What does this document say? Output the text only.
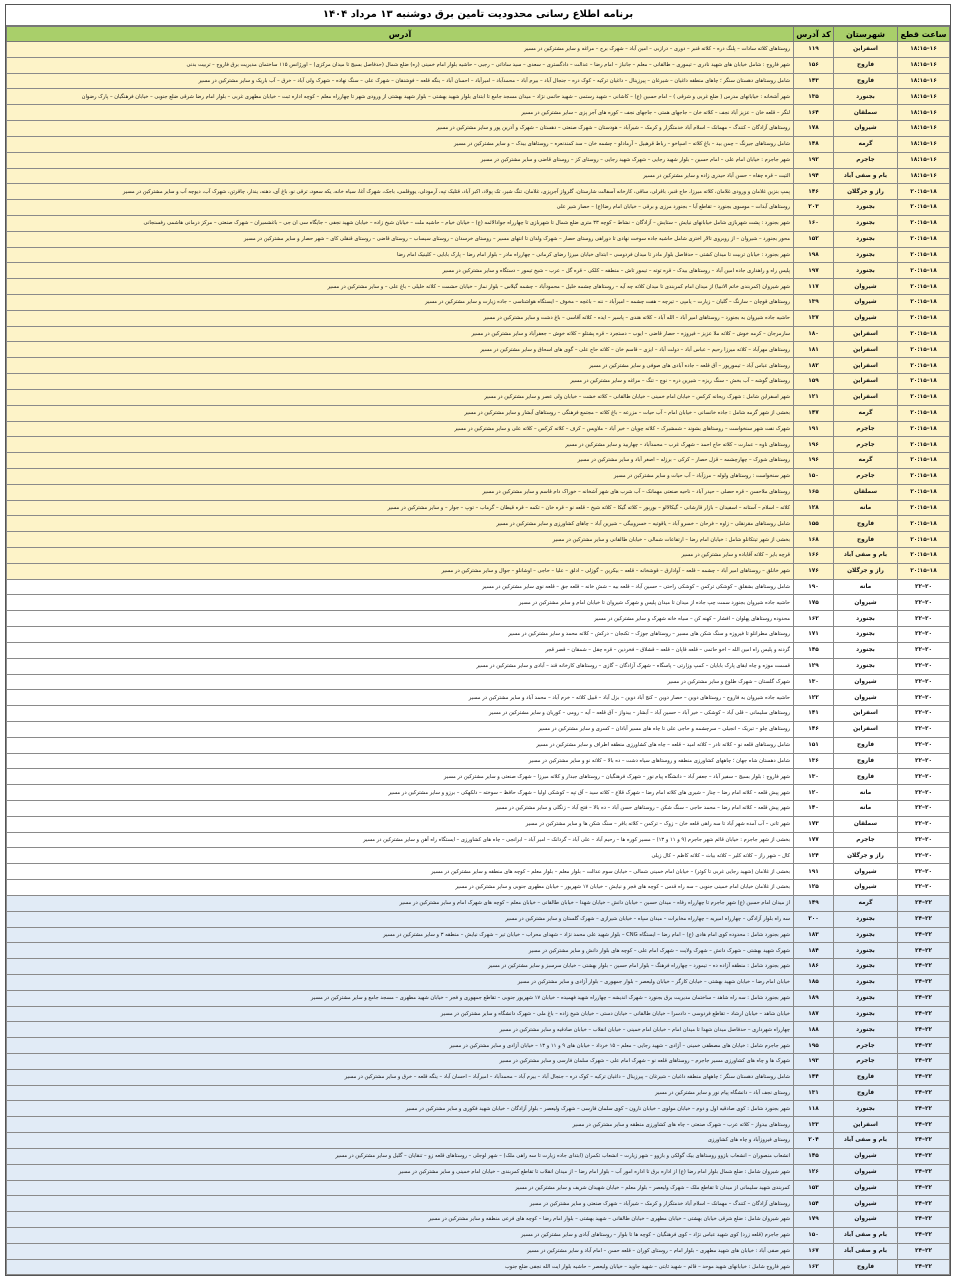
برنامه اطلاع رسانی محدودیت تامین برق دوشنبه ۱۳ مرداد ۱۴۰۴
ساعت قطع	شهرستان	کد آدرس	آدرس
۱۶–۱۸:۱۵	اسفراین	۱۱۹	روستاهای کلاته سادات – پلنگ دره – کلاته قنبر – دوری – درازبی – امین آباد – شهرک برج – مراغه و سایر مشترکین در مسیر
۱۶–۱۸:۱۵	فاروج	۱۵۶	شهر فاروج : شامل خیابان های شهید نادری – تیموری – طالقانی – معلم – جانباز – امام رضا – عدالت – دادگستری – سعدی – سید ساداتی – رجبی – حاشیه بلوار امام خمینی (ره) ضلع شمال (حدفاصل بسیج تا میدان مرکزی) – اورژانس ۱۱۵ ساختمان مدیریت برق فاروج – تربیت بدنی
۱۶–۱۸:۱۵	فاروج	۱۴۳	شامل روستاهای دهستان سنگر ؛ چاهای منطقه داغیان – شیرغان – پیرزینال – داغیان ترکیه – کوک دره – جنجال آباد – بیرم آباد – محمدآباد – امیرآباد – احسان آباد – ینگه قلعه – فوشنقان – شهرک علی – سنگ نهاده – شهرک ولی آباد – خرق – آب باریک و سایر مشترکین در مسیر
۱۶–۱۸:۱۵	بجنورد	۱۳۵	شهر آشخانه : خیابانهای مدرس ( ضلع غربی و شرقی ) – امام حسین (ع) – کاشانی – شهید رستمی – شهید حاتمی نژاد – میدان مسجد جامع تا ابتدای بلوار شهید بهشتی – بلوار شهید بهشتی از ورودی شهر تا چهارراه معلم – کوچه اداره ثبت – خیابان مطهری غربی – بلوار امام رضا شرقی ضلع جنوبی – خیابان فرهنگیان – پارک رضوان
۱۶–۱۸:۱۵	سملقان	۱۶۴	لنگر – قلعه خان – عزیز آباد نجف – کلاته خان – جاجهای همتی – جاجهای نجف – کوره های آجر پزی – سایر مشترکین در مسیر
۱۶–۱۸:۱۵	شیروان	۱۷۸	روستاهای آزادگان – کنندگ – مهمانک – اسلام آباد خدمتگزار و کرمک – شیرآباد – هودستان – شهرک صنعتی – دهستان – شهرک و آذرین پور و سایر مشترکین در مسیر
۱۶–۱۸:۱۵	گرمه	۱۴۸	شامل روستاهای جیرنگ – چمن بید – باغ کلاته – اسپاخو – رباط قرهبیل – آرمادلو – چشمه خان – سد کمندنعره – روستاهای بیدک – و سایر مشترکین در مسیر
۱۶–۱۸:۱۵	جاجرم	۱۹۲	شهر جاجرم : خیابان امام علی – امام حسین – بلوار شهید رجایی – شهرک شهید رجایی – روستای کز – روستای قاضی و سایر مشترکین در مسیر
۱۶–۱۸:۱۵	بام و صفی آباد	۱۹۴	التیت – قره چقاه – حسن آباد حیدری زاده و سایر مشترکین در مسیر
۱۸–۲۰:۱۵	راز و جرگلان	۱۴۶	پمپ بنزین غلامان و ورودی غلامان، کلاته میرزا، حاج قنبر، باقرلی، ساقی، کارخانه آسفالت شارستان، گلرواز آجرپزی، غلامان، تنگ شیر، تک پولاد، اکبر آباد، قتلیک تپه، آرمودلی، یووقلمی، باجک، شهرک آغا، سیاه خانه، یکه سعود، ترقی نو، باغ آی، دهنه، یندار، چاقرتن، شهرک آب، دیوچه آب و سایر مشترکین در مسیر
۱۸–۲۰:۱۵	بجنورد	۲۰۳	روستاهای آبدات – موسوی بجنورد – تقاطع آبا – بجنورد مرزی و برقی – خیابان امام رضا(ع) – حصار شیر علی
۱۸–۲۰:۱۵	بجنورد	۱۶۰	شهر بجنورد : پشت شهربازی شامل خیابانهای نیایش – ستایش – آزادگان – نشاط – کوچه ۳۳ متری ضلع شمال تا شهربازی تا چهارراه جوادالائمه (ع) – خیابان خیام – حاشیه ملت – خیابان شیخ زاده – خیابان شهید نجفی – جایگاه سی ان جی – باغشمیران – شهرک صنعتی – مرکز درمانی هاشمی رفسنجانی
۱۸–۲۰:۱۵	بجنورد	۱۵۲	محور بجنورد – شیروان – از روبروی تالار اختری شامل حاشیه جاده سوخت نهادی تا دوراهی روستای حصار – شهرک ولدان تا انتهای مسیر – روستای خرسدان – روستای سیساب – روستای قاضی – روستای قنقلی کای – شهر حصار و سایر مشترکین در مسیر
۱۸–۲۰:۱۵	بجنورد	۱۹۸	شهر بجنورد : خیابان تربیت تا میدان کشتی – حدفاصل بلوار مادر تا میدان فردوسی – ابتدای خیابان میرزا رضای کرمانی – چهارراه مادر – بلوار امام رضا – پارک بابایی – کلینیک امام رضا
۱۸–۲۰:۱۵	بجنورد	۱۹۷	پلیس راه و راهداری جاده امین آباد – روستاهای بیدک – قره توته – تیمور تاش – منطقه – کلکی – قره گل – عرب – شیخ تیمور – دستگاه و سایر مشترکین در مسیر
۱۸–۲۰:۱۵	شیروان	۱۱۷	شهر شیروان (کمربندی خاتم الانبیا) از میدان امام کمربندی تا میدان کلاته چه آیه – روستاهای چشمه خلیل – محمودآباد – چشمه گیلاس – بلوار نماز – خیابان حشمت – کلاته خلیلی – باغ علی – و سایر مشترکین در مسیر
۱۸–۲۰:۱۵	شیروان	۱۳۹	روستاهای قوچان – سارنگ – گلیان – زیارت – یامپی – تیرچه – هفت چشمه – امیرآباد – ننه – باغچه – مخوف – ایستگاه هواشناسی – جاده زیارت و سایر مشترکین در مسیر
۱۸–۲۰:۱۵	شیروان	۱۳۷	حاشیه جاده شیروان به بجنورد – روستاهای امیر آباد – الله آباد – کلاته هندی – پاسیر – ایده – کلاته آقاسی – باغ دشت و سایر مشترکین در مسیر
۱۸–۲۰:۱۵	اسفراین	۱۸۰	سارمرجان – کرمه خوش – کلاته ملا عزیز – فیروزه – حصار قاضی – ایوب – دستجرد – قره پشتلو – کلاته خوش – جعفرآباد و سایر مشترکین در مسیر
۱۸–۲۰:۱۵	اسفراین	۱۸۱	روستاهای مهرآباد – کلاته میرزا رحیم – عباس آباد – دولت آباد – ایزی – قاسم خان – کلاته حاج علی – گوی های اسحاق و سایر مشترکین در مسیر
۱۸–۲۰:۱۵	اسفراین	۱۸۲	روستاهای عباس آباد – تیمورپور – آق قلعه – جاده آبادی های صوفی و سایر مشترکین در مسیر
۱۸–۲۰:۱۵	اسفراین	۱۵۹	روستاهای گوشه – آب بخش – سنگ ریزه – شیرین دره – نوچ – تنگ – مراغه و سایر مشترکین در مسیر
۱۸–۲۰:۱۵	اسفراین	۱۲۱	شهر اسفراین شامل : شهرک ریحانه کرکس – خیابان امام خمینی – خیابان طالقانی – کلاته خشت – خیابان ولی عصر و سایر مشترکین در مسیر
۱۸–۲۰:۱۵	گرمه	۱۴۷	بخشی از شهر گرمه شامل : جاده خانسانی – خیابان امام – آب حیات – مزرعه – باغ کلاته – مجتمع فرهنگی – روستاهای آبشار و سایر مشترکین در مسیر
۱۸–۲۰:۱۵	جاجرم	۱۹۱	شهرک نفت شهر سنخواست – روستاهای بشوند – شمشیرک – کلاته چوپان – خیر آباد – ملاویس – کرف – کلاته کرکس – کلاته علی و سایر مشترکین در مسیر
۱۸–۲۰:۱۵	جاجرم	۱۹۶	روستاهای ناوه – عمارت – کلاته حاج احمد – شهرک غرب – محمدآباد – چهاربید و سایر مشترکین در مسیر
۱۸–۲۰:۱۵	گرمه	۱۹۶	روستاهای شورک – چهارچشمه – قزل حصار – کرکی – برزله – اصغر آباد و سایر مشترکین در مسیر
۱۸–۲۰:۱۵	جاجرم	۱۵۰	شهر سنخواست : روستاهای ولوله – مرزآباد – آب حیات و سایر مشترکین در مسیر
۱۸–۲۰:۱۵	سملقان	۱۶۵	روستاهای ملاحسن – قره حصلی – حیدر آباد – ناحیه صنعتی مهمانک – آب شرب های شهر آشخانه – خوراک دام قاسم و سایر مشترکین در مسیر
۱۸–۲۰:۱۵	مانه	۱۲۸	کلاته – اسلام – آستانه – اسفیدان – بازار قارشانی – گیکالالو – بوربور – کلاته گیکا – کلاته شیخ – قلعه نو – قره خان – تکمه – قره قیطان – گرماب – توپ – جوار – و سایر مشترکین در مسیر
۱۸–۲۰:۱۵	فاروج	۱۵۵	شامل روستاهای مقرنقلی – زاوه – فرحان – خسرو آباد – یاقوتیه – خسروبیگی – شیرین آباد – چاهای کشاورزی و سایر مشترکین در مسیر
۱۸–۲۰:۱۵	فاروج	۱۶۸	بخشی از شهر تیتکانلو شامل : خیابان امام رضا – ارتفاعات شمالی – خیابان طالقانی و سایر مشترکین در مسیر
۱۸–۲۰:۱۵	بام و صفی آباد	۱۶۶	قرچه بایر – کلاته آقاباده و سایر مشترکین در مسیر
۱۸–۲۰:۱۵	راز و جرگلان	۱۷۶	شهر خانلق – روستاهای امیر آباد – چشمه – قلعه – آوادارق – قوشخانه – قلعه – بیکرین – گوزلی – ادلق – علیا – حاجی – اوشانلو – جوال و سایر مشترکین در مسیر
۲۰–۲۲	مانه	۱۹۰	شامل روستاهای بشقلق – کوشکی ترکمن – کوشکی راحتی – حسین آباد – قلعه بیه – شش خانه – قلعه جق – قلعه نوی سایر مشترکین در مسیر
۲۰–۲۲	شیروان	۱۷۵	حاشیه جاده شیروان بجنورد سمت چپ جاده از میدان تا میدان پلیس و شهرک شیروان تا خیابان امام و سایر مشترکین در مسیر
۲۰–۲۲	بجنورد	۱۶۲	محدوده روستاهای پهلوان – افشار – کهنه کن – سیاه خانه شهرک و سایر مشترکین در مسیر
۲۰–۲۲	بجنورد	۱۷۱	روستاهای مطرانلو تا فیروزه و سنگ شکن های مسیر – روستاهای جوزک – تکنجان – درکش – کلاته محمد و سایر مشترکین در مسیر
۲۰–۲۲	بجنورد	۱۴۵	گردنه و پلیس راه امین الله – اخو حاتمی – قلعه قاپان – قلعه – قشلاق – فخردین – قره چقل – شمقان – قصر قجر
۲۰–۲۲	بجنورد	۱۲۹	قسمت موزه و چاه ابقای پارک بابایان – کمپ وزارتی – پاسگاه – شهرک آزادگان – گازی – روستاهای کارخانه قند – آبادی و سایر مشترکین در مسیر
۲۰–۲۲	شیروان	۱۳۰	شهرک گلستان – شهرک طلوع و سایر مشترکین در مسیر
۲۰–۲۲	شیروان	۱۲۲	حاشیه جاده شیروان به فاروج – روستاهای دوین – حصار دوین – کنج آباد دوین – بزل آباد – قبیل کلاته – خرم آباد – محمد آباد و سایر مشترکین در مسیر
۲۰–۲۲	اسفراین	۱۴۱	روستاهای سلیمانی – قلی آباد – کوشکی – خیر آباد – حسین آباد – آبشار – بیدواز – آق قلعه – آیه – رومی – کوریان و سایر مشترکین در مسیر
۲۰–۲۲	اسفراین	۱۴۶	روستاهای چلو – تبریک – انجیلی – سرچشمه و حاجی علی تا چاه های مسیر آبادان – کسری و سایر مشترکین در مسیر
۲۰–۲۲	فاروج	۱۵۱	شامل روستاهای قلعه نو – کلاته نادر – کلاته امید – قلعه – چاه های کشاورزی منطقه اطراف و سایر مشترکین در مسیر
۲۰–۲۲	فاروج	۱۳۶	شامل دهستان شاه جهان ؛ چاههای کشاورزی منطقه و روستاهای سیاه دشت – ده بالا – کلاته نو و سایر مشترکین در مسیر
۲۰–۲۲	فاروج	۱۳۰	شهر فاروج : بلوار بسیج – سفیر آباد – جعفر آباد – دانشگاه پیام نور – شهرک فرهنگیان – روستاهای جبدار و کلاته میرزا – شهرک صنعتی و سایر مشترکین در مسیر
۲۰–۲۲	مانه	۱۲۰	شهر پیش قلعه – کلاته امام رضا – چنار – شیری های کلاته امام رضا – شهرک قلاع – کلاته سید – آق تپه – کوشکی اولیا – شهرک حافظ – سوخته – دلکهکی – برزو و سایر مشترکین در مسیر
۲۰–۲۲	مانه	۱۴۰	شهر پیش قلعه – کلاته امام رضا – محمد حاجی – سنگ شکن – روستاهای حسن آباد – ده بالا – فتح آباد – زنگلی و سایر مشترکین در مسیر
۲۰–۲۲	سملقان	۱۷۳	شهر ثانی – آب آمده شهر آباد تا سه راهی قلعه خان – زوک – ترکمن – کلاته باقر – سنگ شکن ها و سایر مشترکین در مسیر
۲۰–۲۲	جاجرم	۱۷۷	بخشی از شهر جاجرم : خیابان قائم شهر جاجرم (۹ و ۱۱ و ۱۳) – مسیر کوره ها – رحیم آباد – علی آباد – گردانک – امیر آباد – ابرانجی – چاه های کشاورزی – ایستگاه راه آهن و سایر مشترکین در مسیر
۲۰–۲۲	راز و جرگلان	۱۲۴	کال – شهر راز – کلاته کلیر – کلاته بیاث – کلاته کاظم – کال زیلی
۲۰–۲۲	شیروان	۱۹۱	بخشی از غلامان (شهید رجایی غربی تا کوثر) – خیابان امام خمینی شمالی – خیابان سوم عدالت – بلوار معلم – بلوار معلم – کوچه های منطقه و سایر مشترکین در مسیر
۲۰–۲۲	شیروان	۱۲۵	بخشی از غلامان خیابان امام خمینی جنوبی – سه راه قدس – کوچه های فجر و نیایش – خیابان ۱۷ شهریور – خیابان مطهری جنوبی و سایر مشترکین در مسیر
۲۲–۲۴	گرمه	۱۴۹	از میدان امام حسین (ع) شهر جاجرم تا چهارراه رفاه – میدان حسین – خیابان دانش – خیابان شهدا – خیابان طالقانی – خیابان معلم – کوچه های شهرک امام و سایر مشترکین در مسیر
۲۲–۲۴	بجنورد	۲۰۰	سه راه بلوار آزادگی – چهارراه امیریه – چهارراه مخابرات – میدان سپاه – خیابان شیرازی – شهرک گلستان و سایر مشترکین در مسیر
۲۲–۲۴	بجنورد	۱۸۳	شهر بجنورد شامل : محدوده کوی امام هادی (ع) – امام رضا – ایستگاه CNG – بلوار شهید علی محمد نژاد – شهدای محراب – خیابان تیر – شهرک نیایش – منطقه ۳ و سایر مشترکین در مسیر
۲۲–۲۴	بجنورد	۱۸۴	شهرک شهید بهشتی – شهرک دانش – شهرک ولایت – شهرک امام علی – کوچه های بلوار دانش و سایر مشترکین در مسیر
۲۲–۲۴	بجنورد	۱۸۶	شهر بجنورد شامل : منطقه آزاده ده – تیمورد – چهارراه فرهنگ – بلوار امام حسین – بلوار بهشتی – خیابان سرسبز و سایر مشترکین در مسیر
۲۲–۲۴	بجنورد	۱۸۵	خیابان امام رضا – خیابان شهید بهشتی – خیابان کارگر – خیابان ولیعصر – بلوار جمهوری – بلوار آزادی و سایر مشترکین در مسیر
۲۲–۲۴	بجنورد	۱۸۹	شهر بجنورد شامل : سه راه شاهد – ساختمان مدیریت برق بجنورد – شهرک اندیشه – چهارراه شهید فهمیده – خیابان ۱۷ شهریور جنوبی – تقاطع جمهوری و فجر – خیابان شهید مطهری – مسجد جامع و سایر مشترکین در مسیر
۲۲–۲۴	بجنورد	۱۸۷	خیابان شاهد – خیابان ارشاد – تقاطع فردوسی – دادسرا – خیابان طالقانی – خیابان دستی – خیابان شیخ زاده – باغ ملی – شهرک دانشگاه و سایر مشترکین در مسیر
۲۲–۲۴	بجنورد	۱۸۸	چهارراه شهرداری – حدفاصل میدان شهدا تا میدان امام – خیابان امام خمینی – خیابان انقلاب – خیابان صادقیه و سایر مشترکین در مسیر
۲۲–۲۴	جاجرم	۱۹۵	شهر جاجرم شامل : خیابان های مصطفی خمینی – آزادی – شهید رجایی – معلم – ۱۵ خرداد – خیابان های ۹ و ۱۱ و ۱۳ – خیابان آزادی و سایر مشترکین در مسیر
۲۲–۲۴	جاجرم	۱۹۳	شهرک ها و چاه های کشاورزی مسیر جاجرم – روستاهای قلعه نو – شهرک امام علی – شهرک سلمان فارسی و سایر مشترکین در مسیر
۲۲–۲۴	فاروج	۱۴۴	شامل روستاهای دهستان سنگر ؛ چاههای منطقه داغیان – شیرغان – پیرزینال – داغیان ترکیه – کوک دره – جنجال آباد – بیرم آباد – محمدآباد – امیرآباد – احسان آباد – ینگه قلعه – خرق و سایر مشترکین در مسیر
۲۲–۲۴	فاروج	۱۳۱	روستای نجف آباد – دانشگاه پیام نور و سایر مشترکین در مسیر
۲۲–۲۴	بجنورد	۱۱۸	شهر بجنورد شامل : کوی صادقیه اول و دوم – خیابان مولوی – خیابان نارون – کوی سلمان فارسی – شهرک ولیعصر – بلوار آزادگان – خیابان شهید فکوری و سایر مشترکین در مسیر
۲۲–۲۴	اسفراین	۱۳۳	روستاهای بیدواز – کلاته عرب – شهرک صنعتی – چاه های کشاورزی منطقه و سایر مشترکین در مسیر
۲۲–۲۴	بام و صفی آباد	۲۰۴	روستای فیروزآباد و چاه های کشاورزی
۲۲–۲۴	شیروان	۱۴۵	انشعاب منصوران – انشعاب بازوو روستاهای بیک گولکی و بازوو – شهر زیارت – انشعاب تکمران (ابتدای جاده زیارت تا سه راهی ملک) – شهر لوجلی – روستاهای قلعه زو – تنقایان – گلیل و سایر مشترکین در مسیر
۲۲–۲۴	شیروان	۱۲۶	شهر شیروان شامل : ضلع شمال بلوار امام رضا (ع) از اداره برق تا اداره امور آب – بلوار امام رضا – از میدان انقلاب تا تقاطع کمربندی – خیابان امام خمینی و سایر مشترکین در مسیر
۲۲–۲۴	شیروان	۱۵۳	کمربندی شهید سلیمانی از میدان تا تقاطع ملک – شهرک ولیعصر – بلوار معلم – خیابان شهیدان شریف و سایر مشترکین در مسیر
۲۲–۲۴	شیروان	۱۵۴	روستاهای آزادگان – کنندگ – مهمانک – اسلام آباد خدمتگزار و کرمک – شیرآباد – شهرک صنعتی و سایر مشترکین در مسیر
۲۲–۲۴	شیروان	۱۷۹	شهر شیروان شامل : ضلع شرقی خیابان بهشتی – خیابان مطهری – خیابان طالقانی – شهید بهشتی – بلوار امام رضا – کوچه های فرعی منطقه و سایر مشترکین در مسیر
۲۲–۲۴	بام و صفی آباد	۱۵۰	شهر جاجرم (قلعه زرد) کوی شهید عباس نژاد – کوی فرهنگیان – کوچه ها تا بلوار – روستاهای آبادی و سایر مشترکین در مسیر
۲۲–۲۴	بام و صفی آباد	۱۶۷	شهر صفی آباد : خیابان های شهید مطهری – بلوار امام – روستای کوران – قلعه حسن – امام آباد و سایر مشترکین در مسیر
۲۲–۲۴	فاروج	۱۶۲	شهر فاروج شامل : خیابانهای شهید موحد – قائم – شهید ثابتی – شهید جاوید – خیابان ولیعصر – حاشیه بلوار ایت الله نجفی ضلع جنوب
